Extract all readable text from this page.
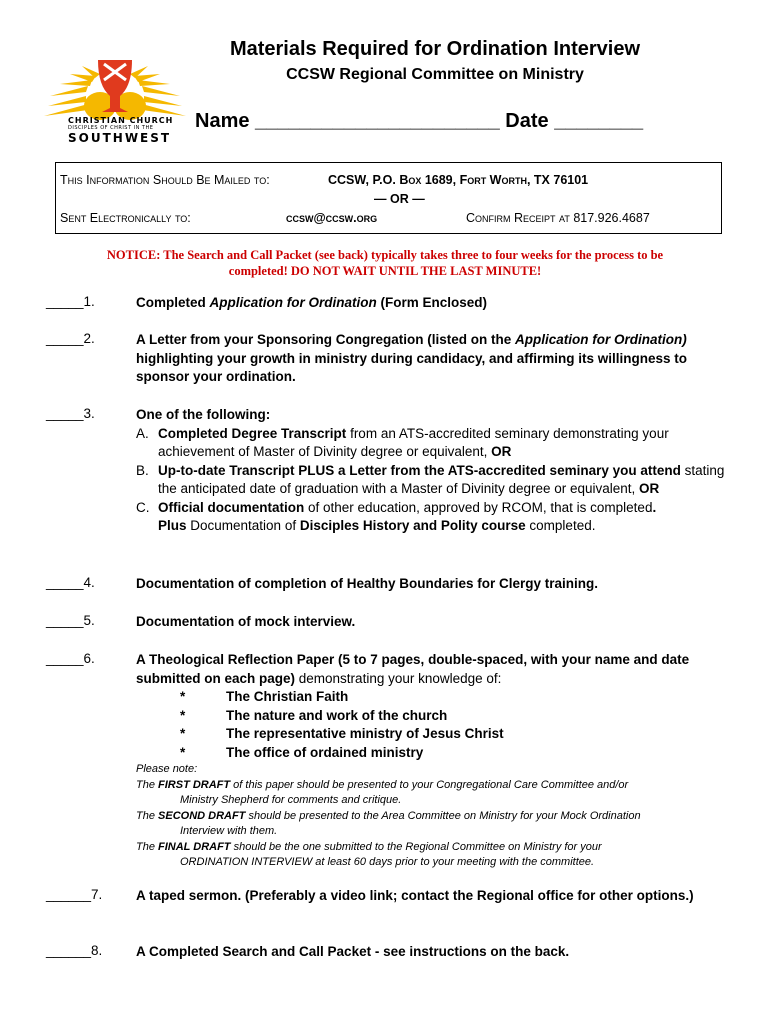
CHRISTIAN CHURCH
DISCIPLES OF CHRIST IN THE
SOUTHWEST
Materials Required for Ordination Interview
CCSW Regional Committee on Ministry
Name ______________________ Date ________
This Information Should Be Mailed to:	CCSW, P.O. Box 1689, Fort Worth, TX 76101
— OR —
Sent Electronically to:	ccsw@ccsw.org	Confirm Receipt at 817.926.4687
NOTICE: The Search and Call Packet (see back) typically takes three to four weeks for the process to be
completed! DO NOT WAIT UNTIL THE LAST MINUTE!
_____1.	Completed Application for Ordination (Form Enclosed)
_____2.	A Letter from your Sponsoring Congregation (listed on the Application for Ordination) highlighting your growth in ministry during candidacy, and affirming its willingness to sponsor your ordination.
_____3.	One of the following:
A. Completed Degree Transcript from an ATS-accredited seminary demonstrating your achievement of Master of Divinity degree or equivalent, OR
B. Up-to-date Transcript PLUS a Letter from the ATS-accredited seminary you attend stating the anticipated date of graduation with a Master of Divinity degree or equivalent, OR
C. Official documentation of other education, approved by RCOM, that is completed.
Plus Documentation of Disciples History and Polity course completed.
_____4.	Documentation of completion of Healthy Boundaries for Clergy training.
_____5.	Documentation of mock interview.
_____6.	A Theological Reflection Paper (5 to 7 pages, double-spaced, with your name and date submitted on each page) demonstrating your knowledge of:
*	The Christian Faith
*	The nature and work of the church
*	The representative ministry of Jesus Christ
*	The office of ordained ministry
Please note:
The FIRST DRAFT of this paper should be presented to your Congregational Care Committee and/or
Ministry Shepherd for comments and critique.
The SECOND DRAFT should be presented to the Area Committee on Ministry for your Mock Ordination
Interview with them.
The FINAL DRAFT should be the one submitted to the Regional Committee on Ministry for your
ORDINATION INTERVIEW at least 60 days prior to your meeting with the committee.
______7. A taped sermon. (Preferably a video link; contact the Regional office for other options.)
______8. A Completed Search and Call Packet - see instructions on the back.
